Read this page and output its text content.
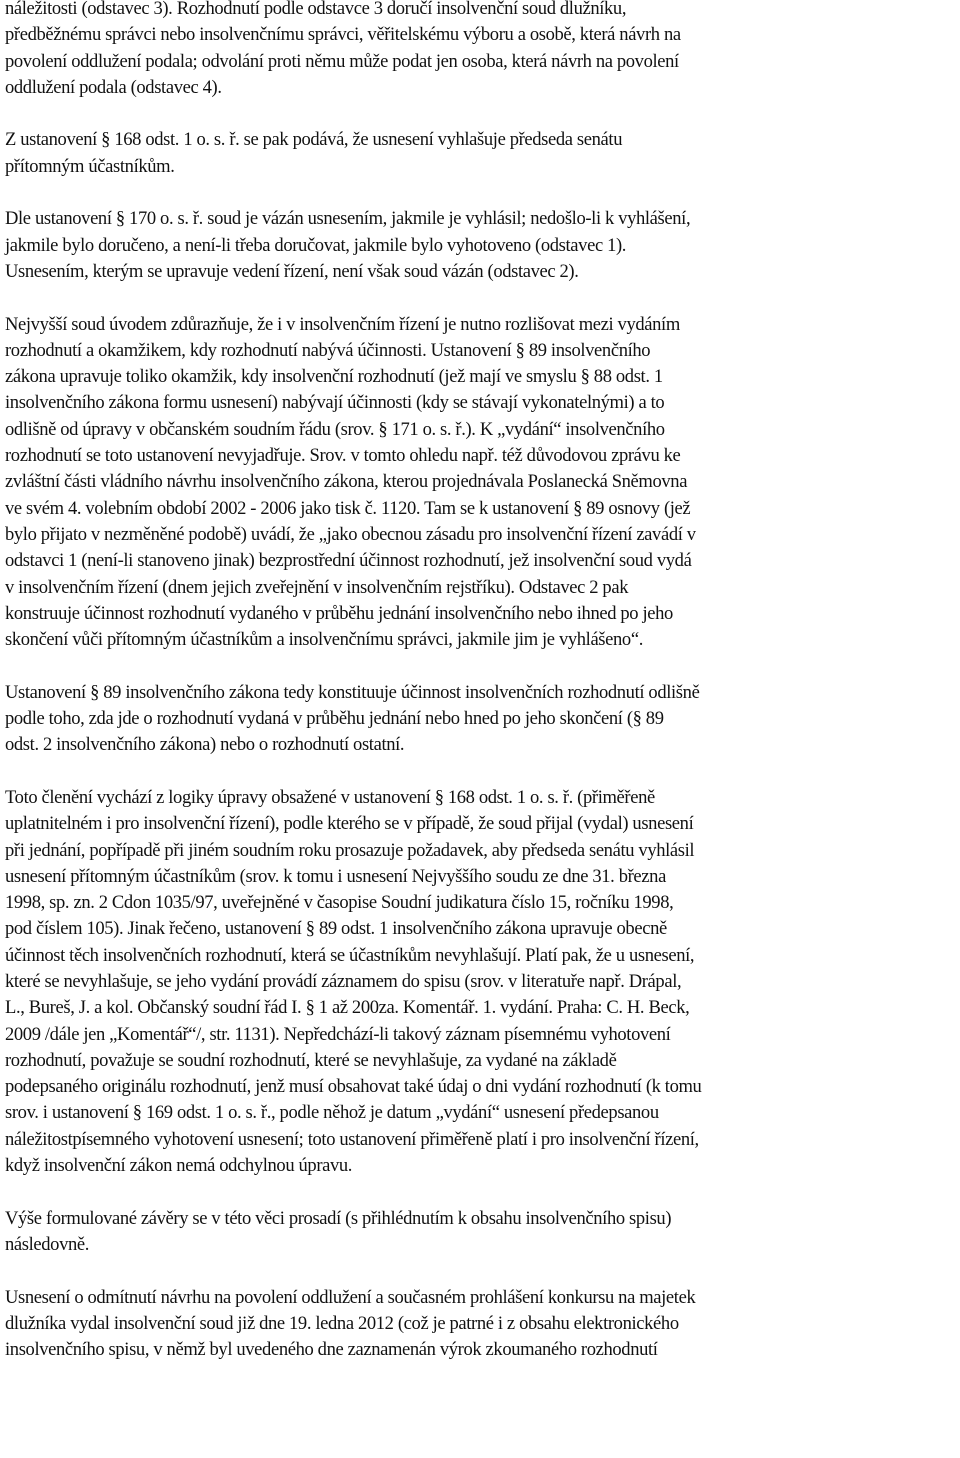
náležitosti (odstavec 3). Rozhodnutí podle odstavce 3 doručí insolvenční soud dlužníku,
předběžnému správci nebo insolvenčnímu správci, věřitelskému výboru a osobě, která návrh na
povolení oddlužení podala; odvolání proti němu může podat jen osoba, která návrh na povolení
oddlužení podala (odstavec 4).

Z ustanovení § 168 odst. 1 o. s. ř. se pak podává, že usnesení vyhlašuje předseda senátu
přítomným účastníkům.

Dle ustanovení § 170 o. s. ř. soud je vázán usnesením, jakmile je vyhlásil; nedošlo-li k vyhlášení,
jakmile bylo doručeno, a není-li třeba doručovat, jakmile bylo vyhotoveno (odstavec 1).
Usnesením, kterým se upravuje vedení řízení, není však soud vázán (odstavec 2).

Nejvyšší soud úvodem zdůrazňuje, že i v insolvenčním řízení je nutno rozlišovat mezi vydáním
rozhodnutí a okamžikem, kdy rozhodnutí nabývá účinnosti. Ustanovení § 89 insolvenčního
zákona upravuje toliko okamžik, kdy insolvenční rozhodnutí (jež mají ve smyslu § 88 odst. 1
insolvenčního zákona formu usnesení) nabývají účinnosti (kdy se stávají vykonatelnými) a to
odlišně od úpravy v občanském soudním řádu (srov. § 171 o. s. ř.). K „vydání“ insolvenčního
rozhodnutí se toto ustanovení nevyjadřuje. Srov. v tomto ohledu např. též důvodovou zprávu ke
zvláštní části vládního návrhu insolvenčního zákona, kterou projednávala Poslanecká Sněmovna
ve svém 4. volebním období 2002 - 2006 jako tisk č. 1120. Tam se k ustanovení § 89 osnovy (jež
bylo přijato v nezměněné podobě) uvádí, že „jako obecnou zásadu pro insolvenční řízení zavádí v
odstavci 1 (není-li stanoveno jinak) bezprostřední účinnost rozhodnutí, jež insolvenční soud vydá
v insolvenčním řízení (dnem jejich zveřejnění v insolvenčním rejstříku). Odstavec 2 pak
konstruuje účinnost rozhodnutí vydaného v průběhu jednání insolvenčního nebo ihned po jeho
skončení vůči přítomným účastníkům a insolvenčnímu správci, jakmile jim je vyhlášeno“.

Ustanovení § 89 insolvenčního zákona tedy konstituuje účinnost insolvenčních rozhodnutí odlišně
podle toho, zda jde o rozhodnutí vydaná v průběhu jednání nebo hned po jeho skončení (§ 89
odst. 2 insolvenčního zákona) nebo o rozhodnutí ostatní.

Toto členění vychází z logiky úpravy obsažené v ustanovení § 168 odst. 1 o. s. ř. (přiměřeně
uplatnitelném i pro insolvenční řízení), podle kterého se v případě, že soud přijal (vydal) usnesení
při jednání, popřípadě při jiném soudním roku prosazuje požadavek, aby předseda senátu vyhlásil
usnesení přítomným účastníkům (srov. k tomu i usnesení Nejvyššího soudu ze dne 31. března
1998, sp. zn. 2 Cdon 1035/97, uveřejněné v časopise Soudní judikatura číslo 15, ročníku 1998,
pod číslem 105). Jinak řečeno, ustanovení § 89 odst. 1 insolvenčního zákona upravuje obecně
účinnost těch insolvenčních rozhodnutí, která se účastníkům nevyhlašují. Platí pak, že u usnesení,
které se nevyhlašuje, se jeho vydání provádí záznamem do spisu (srov. v literatuře např. Drápal,
L., Bureš, J. a kol. Občanský soudní řád I. § 1 až 200za. Komentář. 1. vydání. Praha: C. H. Beck,
2009 /dále jen „Komentář“/, str. 1131). Nepředchází-li takový záznam písemnému vyhotovení
rozhodnutí, považuje se soudní rozhodnutí, které se nevyhlašuje, za vydané na základě
podepsaného originálu rozhodnutí, jenž musí obsahovat také údaj o dni vydání rozhodnutí (k tomu
srov. i ustanovení § 169 odst. 1 o. s. ř., podle něhož je datum „vydání“ usnesení předepsanou
náležitostpísemného vyhotovení usnesení; toto ustanovení přiměřeně platí i pro insolvenční řízení,
když insolvenční zákon nemá odchylnou úpravu.

Výše formulované závěry se v této věci prosadí (s přihlédnutím k obsahu insolvenčního spisu)
následovně.

Usnesení o odmítnutí návrhu na povolení oddlužení a současném prohlášení konkursu na majetek
dlužníka vydal insolvenční soud již dne 19. ledna 2012 (což je patrné i z obsahu elektronického
insolvenčního spisu, v němž byl uvedeného dne zaznamenán výrok zkoumaného rozhodnutí
